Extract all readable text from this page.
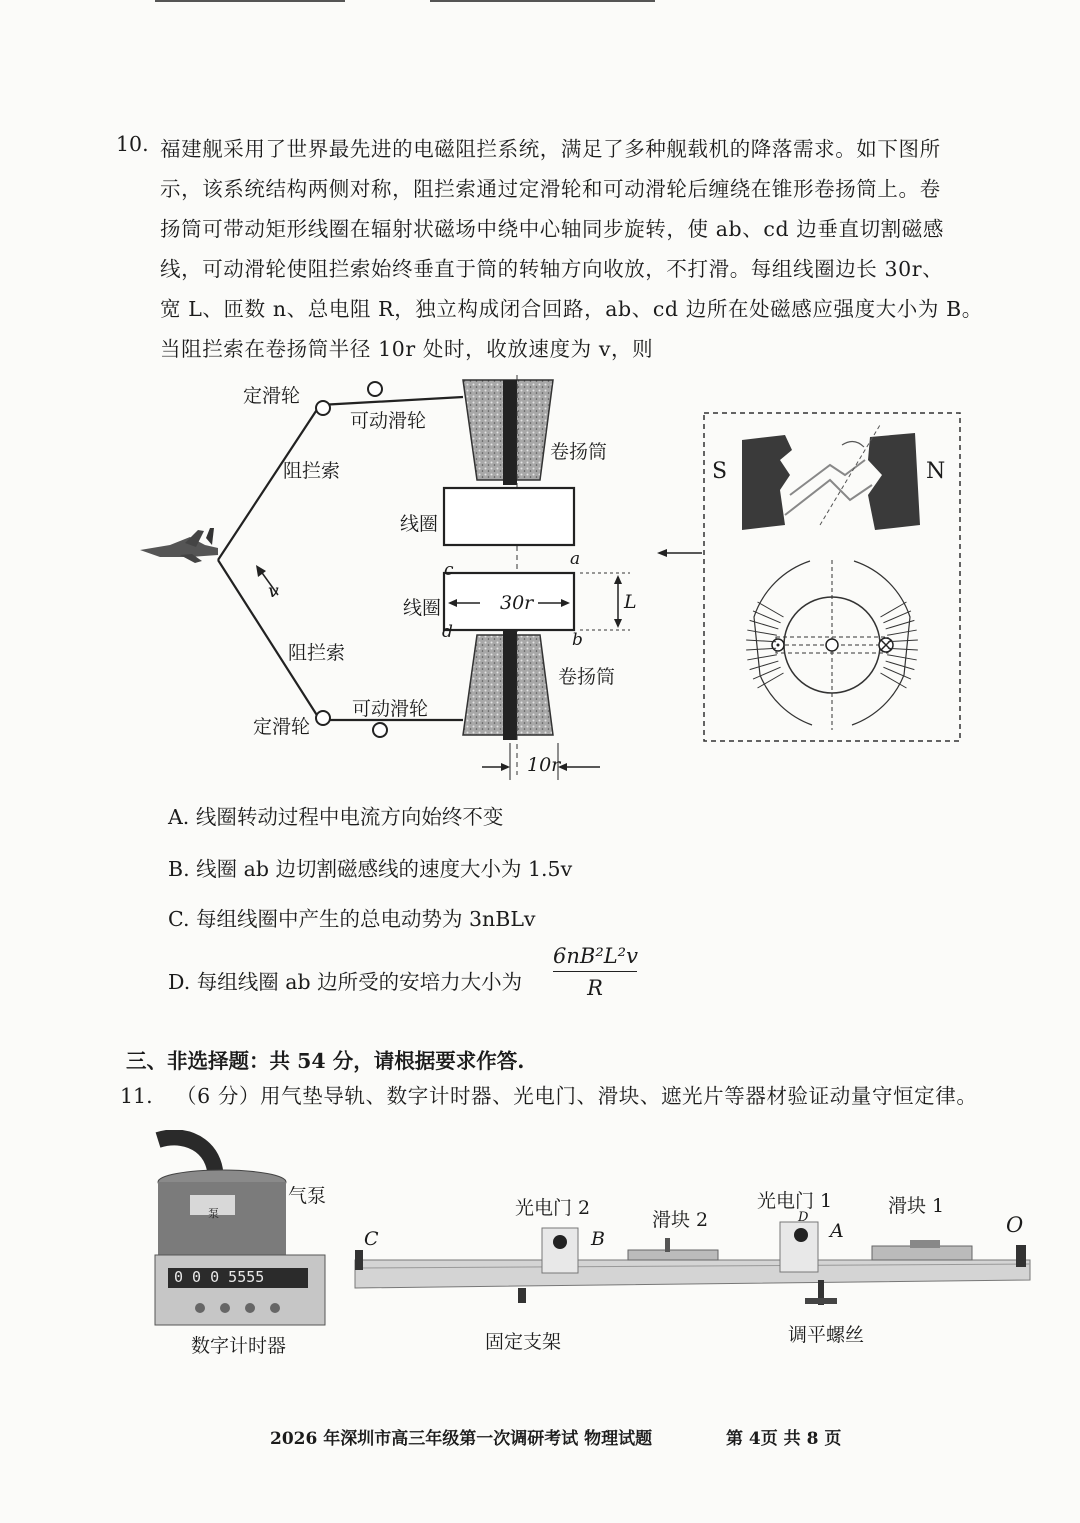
10. 福建舰采用了世界最先进的电磁阻拦系统，满足了多种舰载机的降落需求。如下图所
示，该系统结构两侧对称，阻拦索通过定滑轮和可动滑轮后缠绕在锥形卷扬筒上。卷
扬筒可带动矩形线圈在辐射状磁场中绕中心轴同步旋转，使 ab、cd 边垂直切割磁感
线，可动滑轮使阻拦索始终垂直于筒的转轴方向收放，不打滑。每组线圈边长 30r、
宽 L、匝数 n、总电阻 R，独立构成闭合回路，ab、cd 边所在处磁感应强度大小为 B。
当阻拦索在卷扬筒半径 10r 处时，收放速度为 v，则
定滑轮
可动滑轮
阻拦索
卷扬筒
线圈
线圈
v
a
b
c
d
30r	L
阻拦索
卷扬筒
可动滑轮
定滑轮
10r
S	N
A. 线圈转动过程中电流方向始终不变
B. 线圈 ab 边切割磁感线的速度大小为 1.5v
C. 每组线圈中产生的总电动势为 3nBLv
D. 每组线圈 ab 边所受的安培力大小为
6nB²L²v
R
三、非选择题：共 54 分，请根据要求作答.
11. （6 分）用气垫导轨、数字计时器、光电门、滑块、遮光片等器材验证动量守恒定律。
泵
0 0 0 5555
气泵
数字计时器
C
光电门 2
B
滑块 2
光电门 1
D
A
滑块 1
O
固定支架	调平螺丝
2026 年深圳市高三年级第一次调研考试 物理试题	第 4页 共 8 页
